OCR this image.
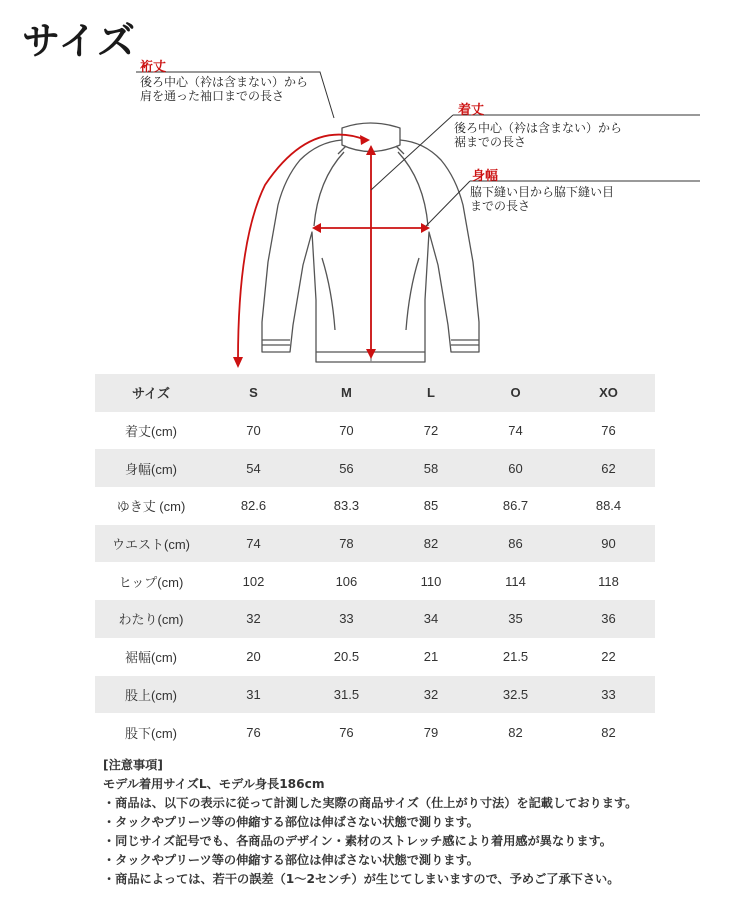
サイズ
裄丈
後ろ中心（衿は含まない）から
肩を通った袖口までの長さ
着丈
後ろ中心（衿は含まない）から
裾までの長さ
身幅
脇下縫い目から脇下縫い目
までの長さ
サイズ	S	M	L	O	XO
着丈(cm)	70	70	72	74	76
身幅(cm)	54	56	58	60	62
ゆき丈 (cm)	82.6	83.3	85	86.7	88.4
ウエスト(cm)	74	78	82	86	90
ヒップ(cm)	102	106	110	114	118
わたり(cm)	32	33	34	35	36
裾幅(cm)	20	20.5	21	21.5	22
股上(cm)	31	31.5	32	32.5	33
股下(cm)	76	76	79	82	82
[注意事項]
モデル着用サイズL、モデル身長186cm
・商品は、以下の表示に従って計測した実際の商品サイズ（仕上がり寸法）を記載しております。
・タックやプリーツ等の伸縮する部位は伸ばさない状態で測ります。
・同じサイズ記号でも、各商品のデザイン・素材のストレッチ感により着用感が異なります。
・タックやプリーツ等の伸縮する部位は伸ばさない状態で測ります。
・商品によっては、若干の誤差（1〜2センチ）が生じてしまいますので、予めご了承下さい。
